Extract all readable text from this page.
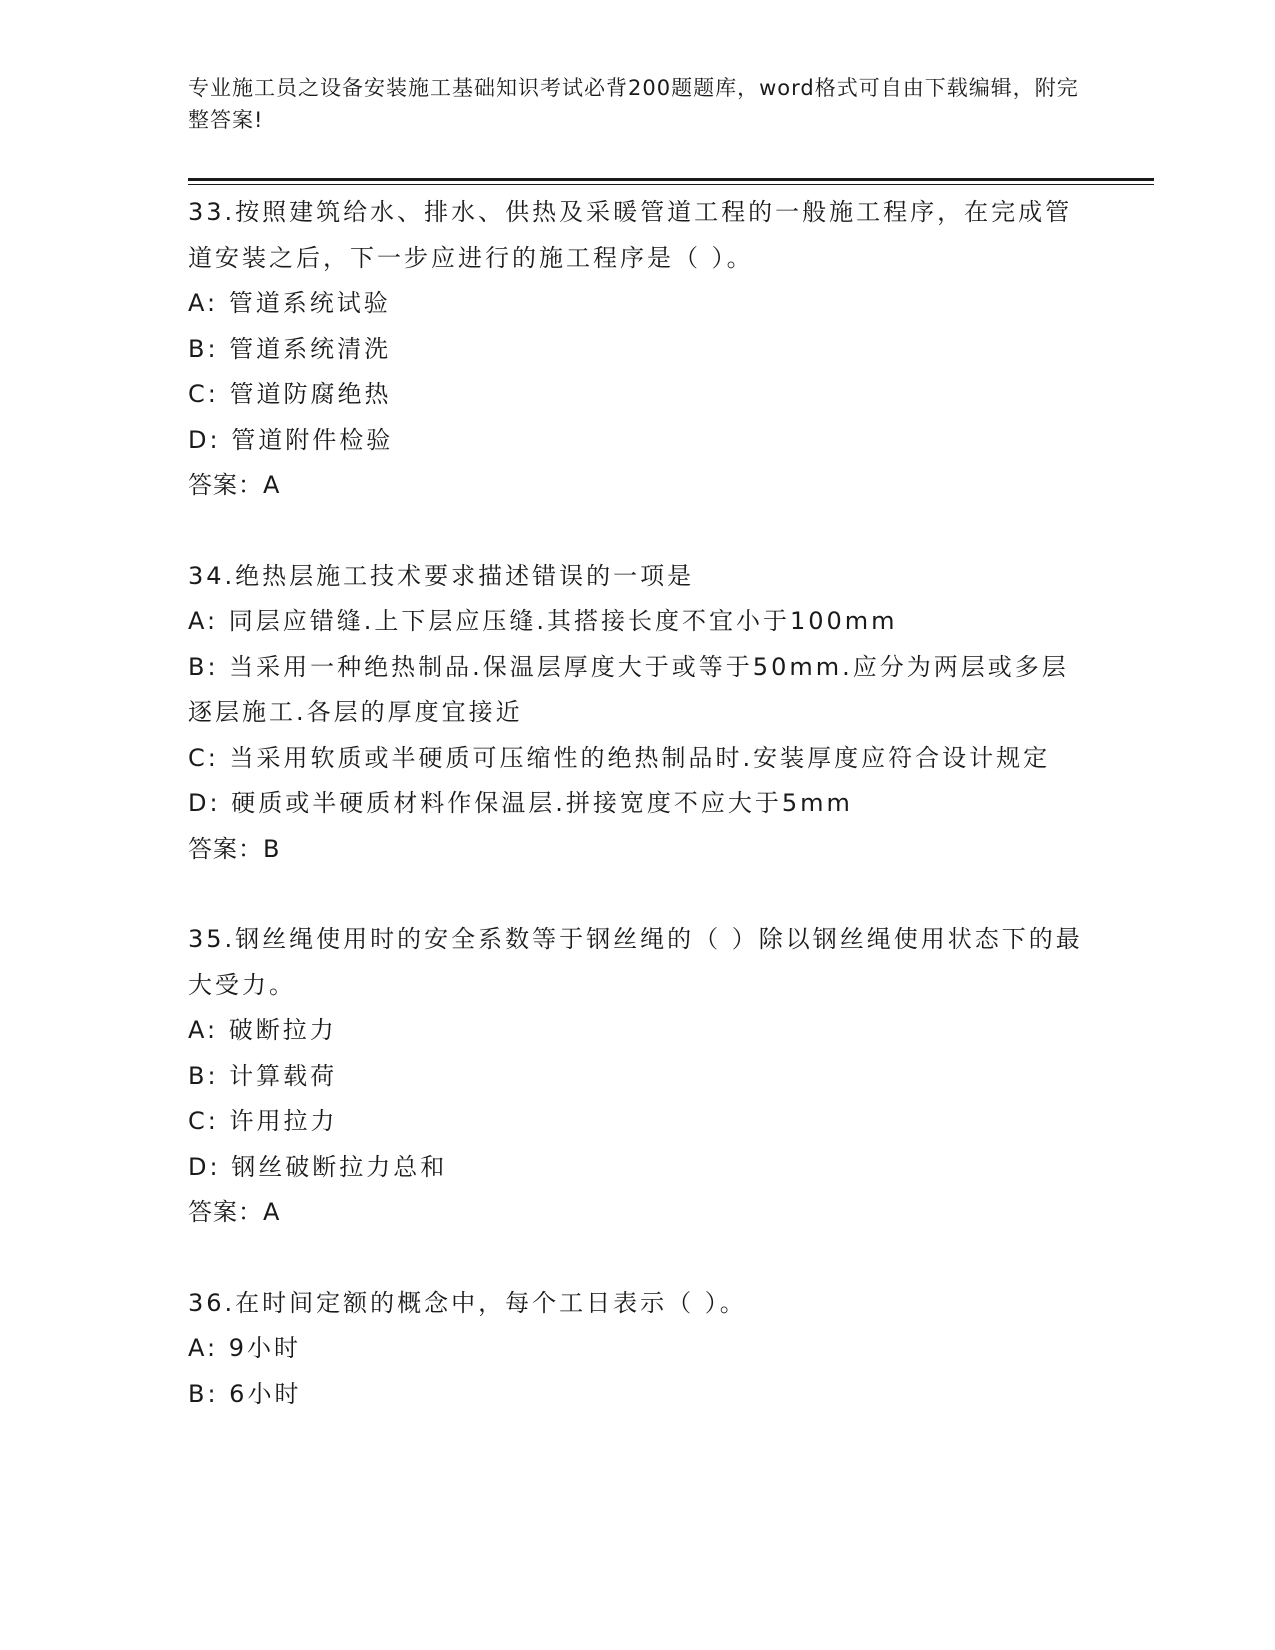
专业施工员之设备安装施工基础知识考试必背200题题库，word格式可自由下载编辑，附完整答案!
33.按照建筑给水、排水、供热及采暖管道工程的一般施工程序，在完成管道安装之后，下一步应进行的施工程序是（ ）。
A: 管道系统试验
B: 管道系统清洗
C: 管道防腐绝热
D: 管道附件检验
答案：A
34.绝热层施工技术要求描述错误的一项是
A: 同层应错缝.上下层应压缝.其搭接长度不宜小于100mm
B: 当采用一种绝热制品.保温层厚度大于或等于50mm.应分为两层或多层逐层施工.各层的厚度宜接近
C: 当采用软质或半硬质可压缩性的绝热制品时.安装厚度应符合设计规定
D: 硬质或半硬质材料作保温层.拼接宽度不应大于5mm
答案：B
35.钢丝绳使用时的安全系数等于钢丝绳的（ ）除以钢丝绳使用状态下的最大受力。
A: 破断拉力
B: 计算载荷
C: 许用拉力
D: 钢丝破断拉力总和
答案：A
36.在时间定额的概念中，每个工日表示（ ）。
A: 9小时
B: 6小时
